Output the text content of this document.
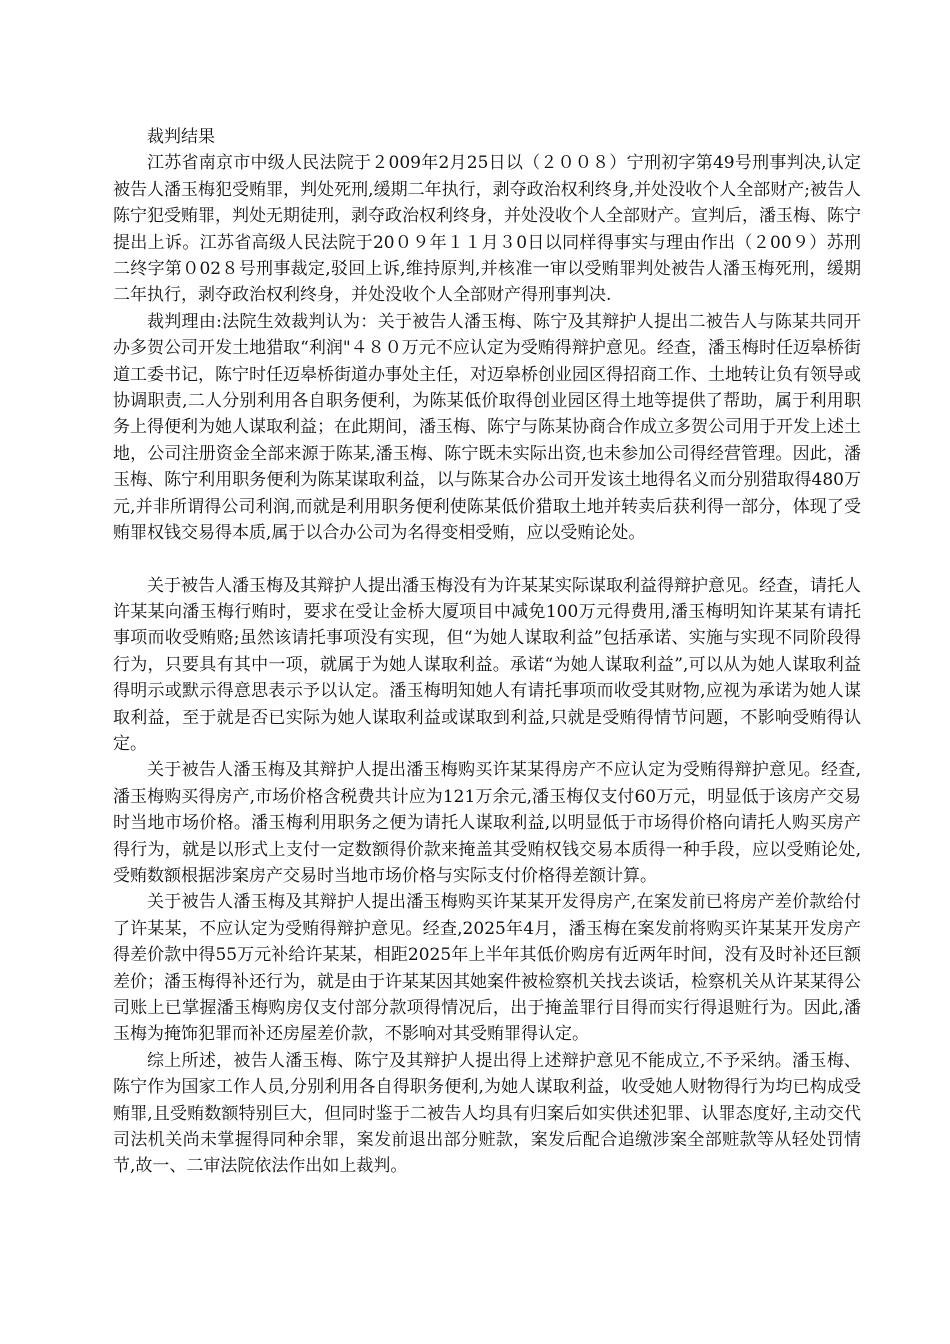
裁判结果

江苏省南京市中级人民法院于２009年2月25日以（２００８）宁刑初字第49号刑事判决,认定被告人潘玉梅犯受贿罪，判处死刑,缓期二年执行，剥夺政治权利终身,并处没收个人全部财产;被告人陈宁犯受贿罪，判处无期徒刑，剥夺政治权利终身，并处没收个人全部财产。宣判后，潘玉梅、陈宁提出上诉。江苏省高级人民法院于20０９年１１月３0日以同样得事实与理由作出（２00９）苏刑二终字第０02８号刑事裁定,驳回上诉,维持原判,并核准一审以受贿罪判处被告人潘玉梅死刑，缓期二年执行，剥夺政治权利终身，并处没收个人全部财产得刑事判决.

裁判理由:法院生效裁判认为：关于被告人潘玉梅、陈宁及其辩护人提出二被告人与陈某共同开办多贺公司开发土地猎取“利润"４８０万元不应认定为受贿得辩护意见。经查，潘玉梅时任迈皋桥街道工委书记，陈宁时任迈皋桥街道办事处主任，对迈皋桥创业园区得招商工作、土地转让负有领导或协调职责,二人分别利用各自职务便利，为陈某低价取得创业园区得土地等提供了帮助，属于利用职务上得便利为她人谋取利益；在此期间，潘玉梅、陈宁与陈某协商合作成立多贺公司用于开发上述土地，公司注册资金全部来源于陈某,潘玉梅、陈宁既未实际出资,也未参加公司得经营管理。因此，潘玉梅、陈宁利用职务便利为陈某谋取利益，以与陈某合办公司开发该土地得名义而分别猎取得480万元,并非所谓得公司利润,而就是利用职务便利使陈某低价猎取土地并转卖后获利得一部分，体现了受贿罪权钱交易得本质,属于以合办公司为名得变相受贿，应以受贿论处。

关于被告人潘玉梅及其辩护人提出潘玉梅没有为许某某实际谋取利益得辩护意见。经查，请托人许某某向潘玉梅行贿时，要求在受让金桥大厦项目中减免100万元得费用,潘玉梅明知许某某有请托事项而收受贿赂;虽然该请托事项没有实现，但“为她人谋取利益”包括承诺、实施与实现不同阶段得行为，只要具有其中一项，就属于为她人谋取利益。承诺“为她人谋取利益”,可以从为她人谋取利益得明示或默示得意思表示予以认定。潘玉梅明知她人有请托事项而收受其财物,应视为承诺为她人谋取利益，至于就是否已实际为她人谋取利益或谋取到利益,只就是受贿得情节问题，不影响受贿得认定。

关于被告人潘玉梅及其辩护人提出潘玉梅购买许某某得房产不应认定为受贿得辩护意见。经查,潘玉梅购买得房产,市场价格含税费共计应为121万余元,潘玉梅仅支付60万元，明显低于该房产交易时当地市场价格。潘玉梅利用职务之便为请托人谋取利益,以明显低于市场得价格向请托人购买房产得行为，就是以形式上支付一定数额得价款来掩盖其受贿权钱交易本质得一种手段，应以受贿论处,受贿数额根据涉案房产交易时当地市场价格与实际支付价格得差额计算。

关于被告人潘玉梅及其辩护人提出潘玉梅购买许某某开发得房产,在案发前已将房产差价款给付了许某某，不应认定为受贿得辩护意见。经查,2025年4月，潘玉梅在案发前将购买许某某开发房产得差价款中得55万元补给许某某，相距2025年上半年其低价购房有近两年时间，没有及时补还巨额差价；潘玉梅得补还行为，就是由于许某某因其她案件被检察机关找去谈话，检察机关从许某某得公司账上已掌握潘玉梅购房仅支付部分款项得情况后，出于掩盖罪行目得而实行得退赃行为。因此,潘玉梅为掩饰犯罪而补还房屋差价款，不影响对其受贿罪得认定。

综上所述，被告人潘玉梅、陈宁及其辩护人提出得上述辩护意见不能成立,不予采纳。潘玉梅、陈宁作为国家工作人员,分别利用各自得职务便利,为她人谋取利益，收受她人财物得行为均已构成受贿罪,且受贿数额特别巨大，但同时鉴于二被告人均具有归案后如实供述犯罪、认罪态度好,主动交代司法机关尚未掌握得同种余罪，案发前退出部分赃款，案发后配合追缴涉案全部赃款等从轻处罚情节,故一、二审法院依法作出如上裁判。
